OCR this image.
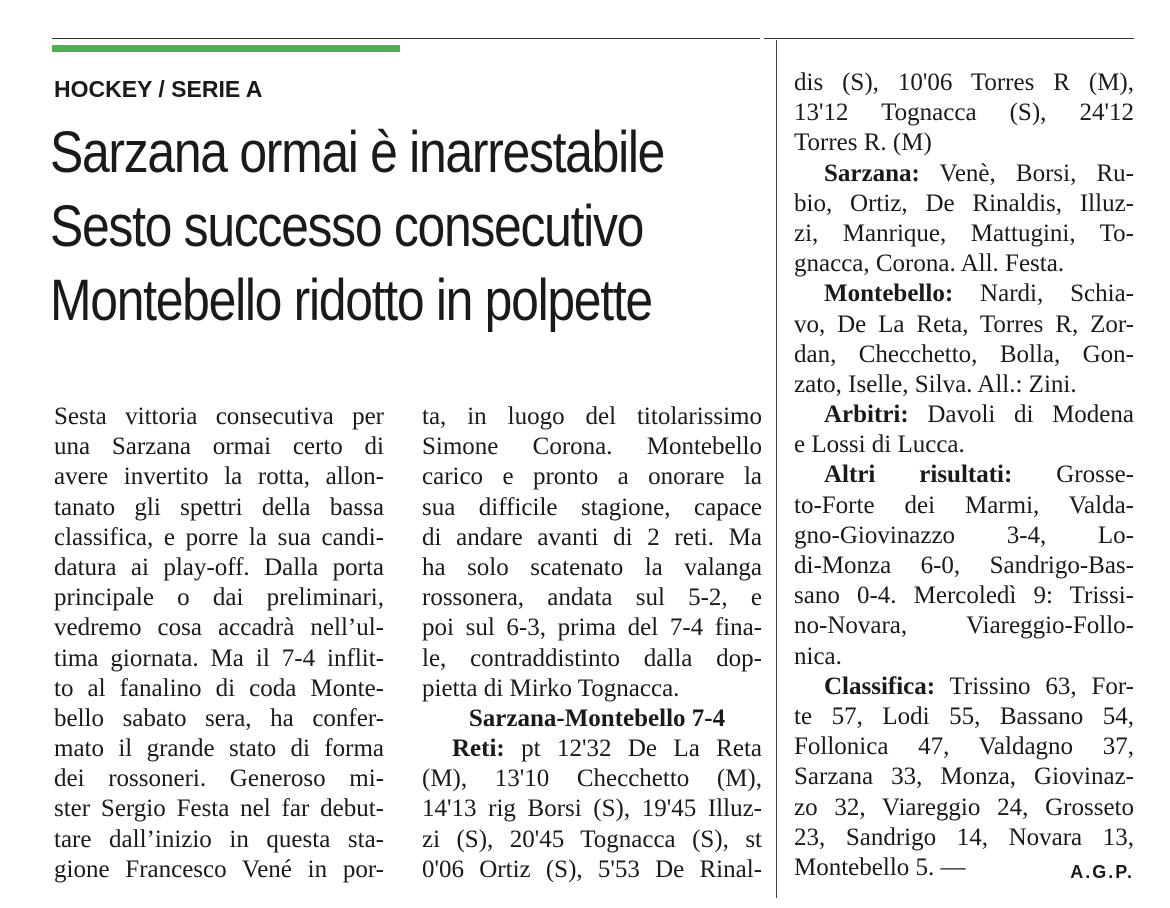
HOCKEY / SERIE A
Sarzana ormai è inarrestabile
Sesto successo consecutivo
Montebello ridotto in polpette
Sesta vittoria consecutiva per
una Sarzana ormai certo di
avere invertito la rotta, allon-
tanato gli spettri della bassa
classifica, e porre la sua candi-
datura ai play-off. Dalla porta
principale o dai preliminari,
vedremo cosa accadrà nell’ul-
tima giornata. Ma il 7-4 inflit-
to al fanalino di coda Monte-
bello sabato sera, ha confer-
mato il grande stato di forma
dei rossoneri. Generoso mi-
ster Sergio Festa nel far debut-
tare dall’inizio in questa sta-
gione Francesco Vené in por-
ta, in luogo del titolarissimo
Simone Corona. Montebello
carico e pronto a onorare la
sua difficile stagione, capace
di andare avanti di 2 reti. Ma
ha solo scatenato la valanga
rossonera, andata sul 5-2, e
poi sul 6-3, prima del 7-4 fina-
le, contraddistinto dalla dop-
pietta di Mirko Tognacca.
Sarzana-Montebello 7-4
Reti: pt 12'32 De La Reta
(M), 13'10 Checchetto (M),
14'13 rig Borsi (S), 19'45 Illuz-
zi (S), 20'45 Tognacca (S), st
0'06 Ortiz (S), 5'53 De Rinal-
dis (S), 10'06 Torres R (M),
13'12 Tognacca (S), 24'12
Torres R. (M)
Sarzana: Venè, Borsi, Ru-
bio, Ortiz, De Rinaldis, Illuz-
zi, Manrique, Mattugini, To-
gnacca, Corona. All. Festa.
Montebello: Nardi, Schia-
vo, De La Reta, Torres R, Zor-
dan, Checchetto, Bolla, Gon-
zato, Iselle, Silva. All.: Zini.
Arbitri: Davoli di Modena
e Lossi di Lucca.
Altri risultati: Grosse-
to-Forte dei Marmi, Valda-
gno-Giovinazzo 3-4, Lo-
di-Monza 6-0, Sandrigo-Bas-
sano 0-4. Mercoledì 9: Trissi-
no-Novara, Viareggio-Follo-
nica.
Classifica: Trissino 63, For-
te 57, Lodi 55, Bassano 54,
Follonica 47, Valdagno 37,
Sarzana 33, Monza, Giovinaz-
zo 32, Viareggio 24, Grosseto
23, Sandrigo 14, Novara 13,
Montebello 5. —	A.G.P.
